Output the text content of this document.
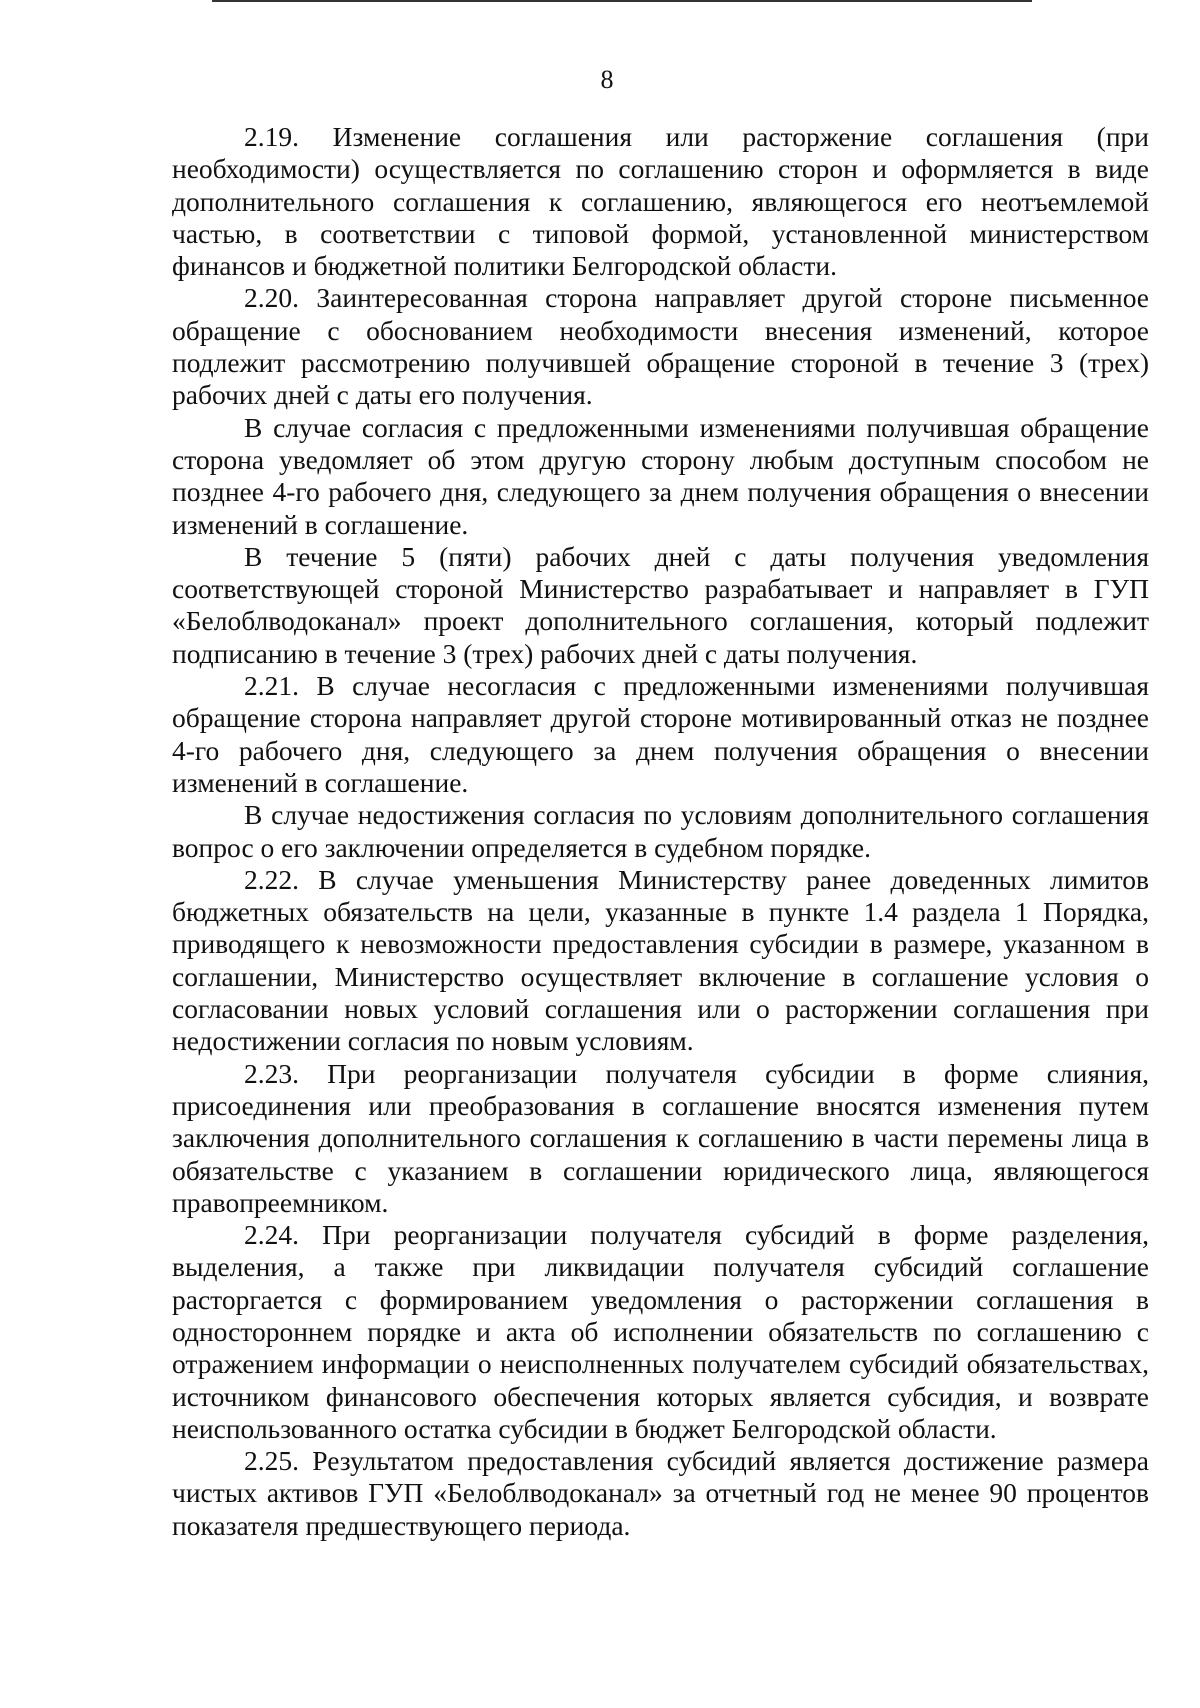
8

2.19. Изменение соглашения или расторжение соглашения (при необходимости) осуществляется по соглашению сторон и оформляется в виде дополнительного соглашения к соглашению, являющегося его неотъемлемой частью, в соответствии с типовой формой, установленной министерством финансов и бюджетной политики Белгородской области.

2.20. Заинтересованная сторона направляет другой стороне письменное обращение с обоснованием необходимости внесения изменений, которое подлежит рассмотрению получившей обращение стороной в течение 3 (трех) рабочих дней с даты его получения.

В случае согласия с предложенными изменениями получившая обращение сторона уведомляет об этом другую сторону любым доступным способом не позднее 4-го рабочего дня, следующего за днем получения обращения о внесении изменений в соглашение.

В течение 5 (пяти) рабочих дней с даты получения уведомления соответствующей стороной Министерство разрабатывает и направляет в ГУП «Белоблводоканал» проект дополнительного соглашения, который подлежит подписанию в течение 3 (трех) рабочих дней с даты получения.

2.21. В случае несогласия с предложенными изменениями получившая обращение сторона направляет другой стороне мотивированный отказ не позднее 4-го рабочего дня, следующего за днем получения обращения о внесении изменений в соглашение.

В случае недостижения согласия по условиям дополнительного соглашения вопрос о его заключении определяется в судебном порядке.

2.22. В случае уменьшения Министерству ранее доведенных лимитов бюджетных обязательств на цели, указанные в пункте 1.4 раздела 1 Порядка, приводящего к невозможности предоставления субсидии в размере, указанном в соглашении, Министерство осуществляет включение в соглашение условия о согласовании новых условий соглашения или о расторжении соглашения при недостижении согласия по новым условиям.

2.23. При реорганизации получателя субсидии в форме слияния, присоединения или преобразования в соглашение вносятся изменения путем заключения дополнительного соглашения к соглашению в части перемены лица в обязательстве с указанием в соглашении юридического лица, являющегося правопреемником.

2.24. При реорганизации получателя субсидий в форме разделения, выделения, а также при ликвидации получателя субсидий соглашение расторгается с формированием уведомления о расторжении соглашения в одностороннем порядке и акта об исполнении обязательств по соглашению с отражением информации о неисполненных получателем субсидий обязательствах, источником финансового обеспечения которых является субсидия, и возврате неиспользованного остатка субсидии в бюджет Белгородской области.

2.25. Результатом предоставления субсидий является достижение размера чистых активов ГУП «Белоблводоканал» за отчетный год не менее 90 процентов показателя предшествующего периода.
